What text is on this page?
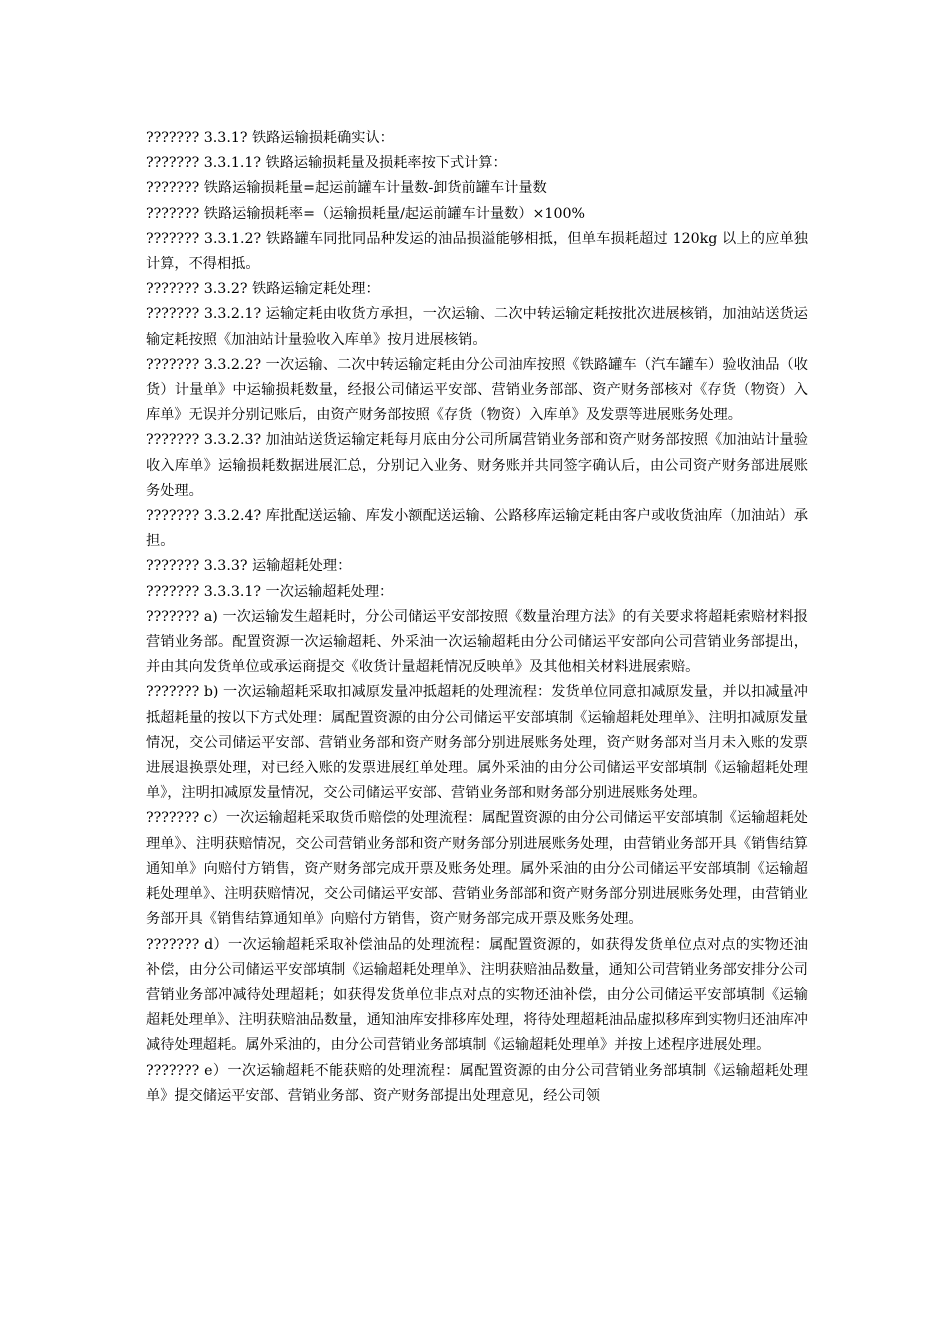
??????? 3.3.1? 铁路运输损耗确实认：

??????? 3.3.1.1? 铁路运输损耗量及损耗率按下式计算：

??????? 铁路运输损耗量=起运前罐车计量数-卸货前罐车计量数

??????? 铁路运输损耗率=（运输损耗量/起运前罐车计量数）×100%

??????? 3.3.1.2? 铁路罐车同批同品种发运的油品损溢能够相抵，但单车损耗超过 120kg 以上的应单独计算，不得相抵。

??????? 3.3.2? 铁路运输定耗处理：

??????? 3.3.2.1? 运输定耗由收货方承担，一次运输、二次中转运输定耗按批次进展核销，加油站送货运输定耗按照《加油站计量验收入库单》按月进展核销。

??????? 3.3.2.2? 一次运输、二次中转运输定耗由分公司油库按照《铁路罐车（汽车罐车）验收油品（收货）计量单》中运输损耗数量，经报公司储运平安部、营销业务部部、资产财务部核对《存货（物资）入库单》无误并分别记账后，由资产财务部按照《存货（物资）入库单》及发票等进展账务处理。

??????? 3.3.2.3? 加油站送货运输定耗每月底由分公司所属营销业务部和资产财务部按照《加油站计量验收入库单》运输损耗数据进展汇总，分别记入业务、财务账并共同签字确认后，由公司资产财务部进展账务处理。

??????? 3.3.2.4? 库批配送运输、库发小额配送运输、公路移库运输定耗由客户或收货油库（加油站）承担。

??????? 3.3.3? 运输超耗处理：

??????? 3.3.3.1? 一次运输超耗处理：

??????? a) 一次运输发生超耗时，分公司储运平安部按照《数量治理方法》的有关要求将超耗索赔材料报营销业务部。配置资源一次运输超耗、外采油一次运输超耗由分公司储运平安部向公司营销业务部提出，并由其向发货单位或承运商提交《收货计量超耗情况反映单》及其他相关材料进展索赔。

??????? b) 一次运输超耗采取扣减原发量冲抵超耗的处理流程：发货单位同意扣减原发量，并以扣减量冲抵超耗量的按以下方式处理：属配置资源的由分公司储运平安部填制《运输超耗处理单》、注明扣减原发量情况，交公司储运平安部、营销业务部和资产财务部分别进展账务处理，资产财务部对当月未入账的发票进展退换票处理，对已经入账的发票进展红单处理。属外采油的由分公司储运平安部填制《运输超耗处理单》，注明扣减原发量情况，交公司储运平安部、营销业务部和财务部分别进展账务处理。

??????? c）一次运输超耗采取货币赔偿的处理流程：属配置资源的由分公司储运平安部填制《运输超耗处理单》、注明获赔情况，交公司营销业务部和资产财务部分别进展账务处理，由营销业务部开具《销售结算通知单》向赔付方销售，资产财务部完成开票及账务处理。属外采油的由分公司储运平安部填制《运输超耗处理单》、注明获赔情况，交公司储运平安部、营销业务部部和资产财务部分别进展账务处理，由营销业务部开具《销售结算通知单》向赔付方销售，资产财务部完成开票及账务处理。

??????? d）一次运输超耗采取补偿油品的处理流程：属配置资源的，如获得发货单位点对点的实物还油补偿，由分公司储运平安部填制《运输超耗处理单》、注明获赔油品数量，通知公司营销业务部安排分公司营销业务部冲减待处理超耗；如获得发货单位非点对点的实物还油补偿，由分公司储运平安部填制《运输超耗处理单》、注明获赔油品数量，通知油库安排移库处理，将待处理超耗油品虚拟移库到实物归还油库冲减待处理超耗。属外采油的，由分公司营销业务部填制《运输超耗处理单》并按上述程序进展处理。

??????? e）一次运输超耗不能获赔的处理流程：属配置资源的由分公司营销业务部填制《运输超耗处理单》提交储运平安部、营销业务部、资产财务部提出处理意见，经公司领
